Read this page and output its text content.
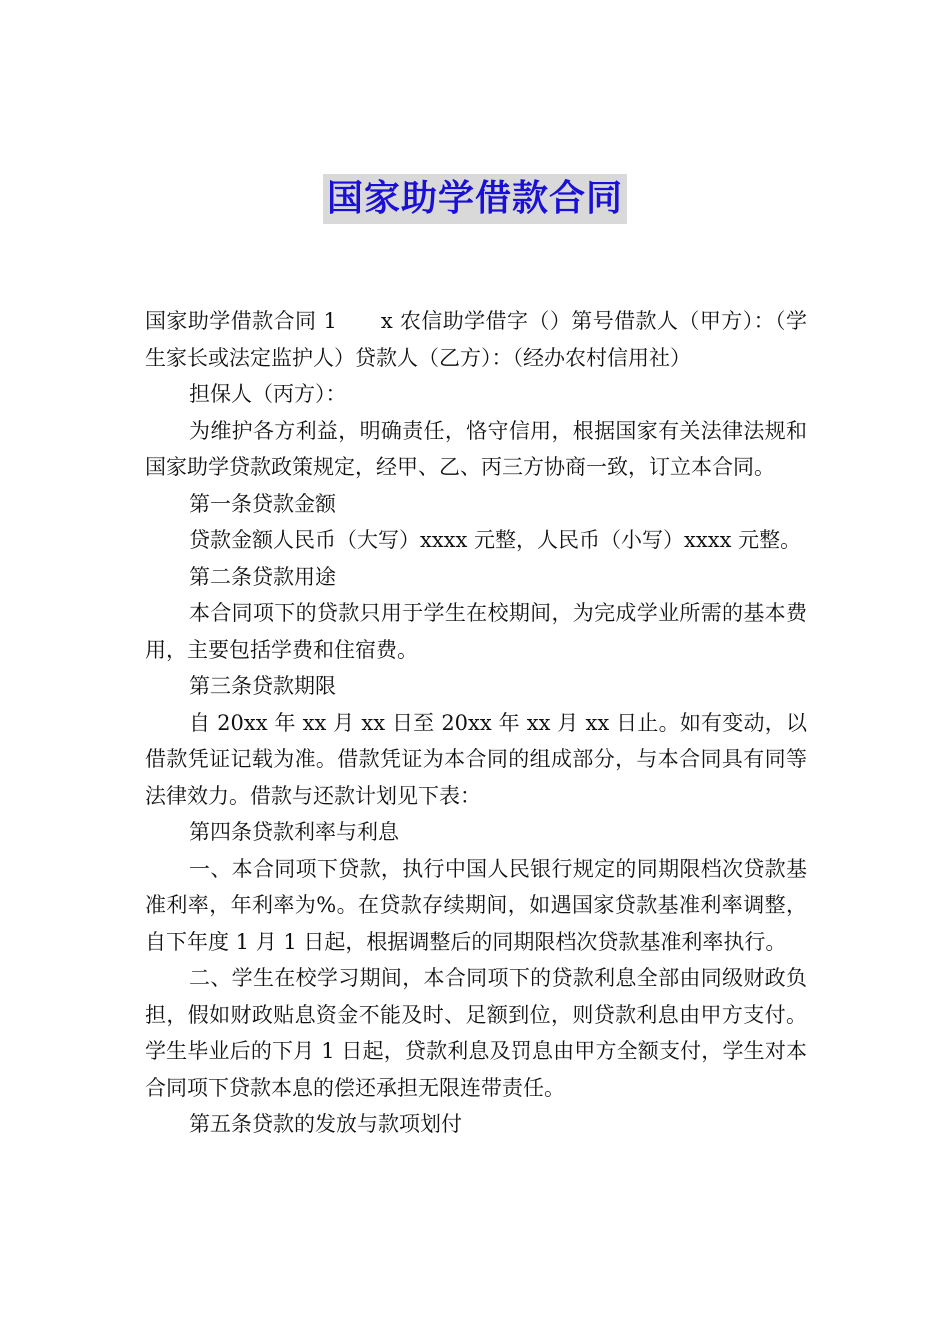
国家助学借款合同

国家助学借款合同 1 x 农信助学借字（）第号借款人（甲方）：（学生家长或法定监护人）贷款人（乙方）：（经办农村信用社）

担保人（丙方）：

为维护各方利益，明确责任，恪守信用，根据国家有关法律法规和国家助学贷款政策规定，经甲、乙、丙三方协商一致，订立本合同。

第一条贷款金额

贷款金额人民币（大写）xxxx 元整，人民币（小写）xxxx 元整。

第二条贷款用途

本合同项下的贷款只用于学生在校期间，为完成学业所需的基本费用，主要包括学费和住宿费。

第三条贷款期限

自 20xx 年 xx 月 xx 日至 20xx 年 xx 月 xx 日止。如有变动，以借款凭证记载为准。借款凭证为本合同的组成部分，与本合同具有同等法律效力。借款与还款计划见下表：

第四条贷款利率与利息

一、本合同项下贷款，执行中国人民银行规定的同期限档次贷款基准利率，年利率为%。在贷款存续期间，如遇国家贷款基准利率调整，自下年度 1 月 1 日起，根据调整后的同期限档次贷款基准利率执行。

二、学生在校学习期间，本合同项下的贷款利息全部由同级财政负担，假如财政贴息资金不能及时、足额到位，则贷款利息由甲方支付。学生毕业后的下月 1 日起，贷款利息及罚息由甲方全额支付，学生对本合同项下贷款本息的偿还承担无限连带责任。

第五条贷款的发放与款项划付
